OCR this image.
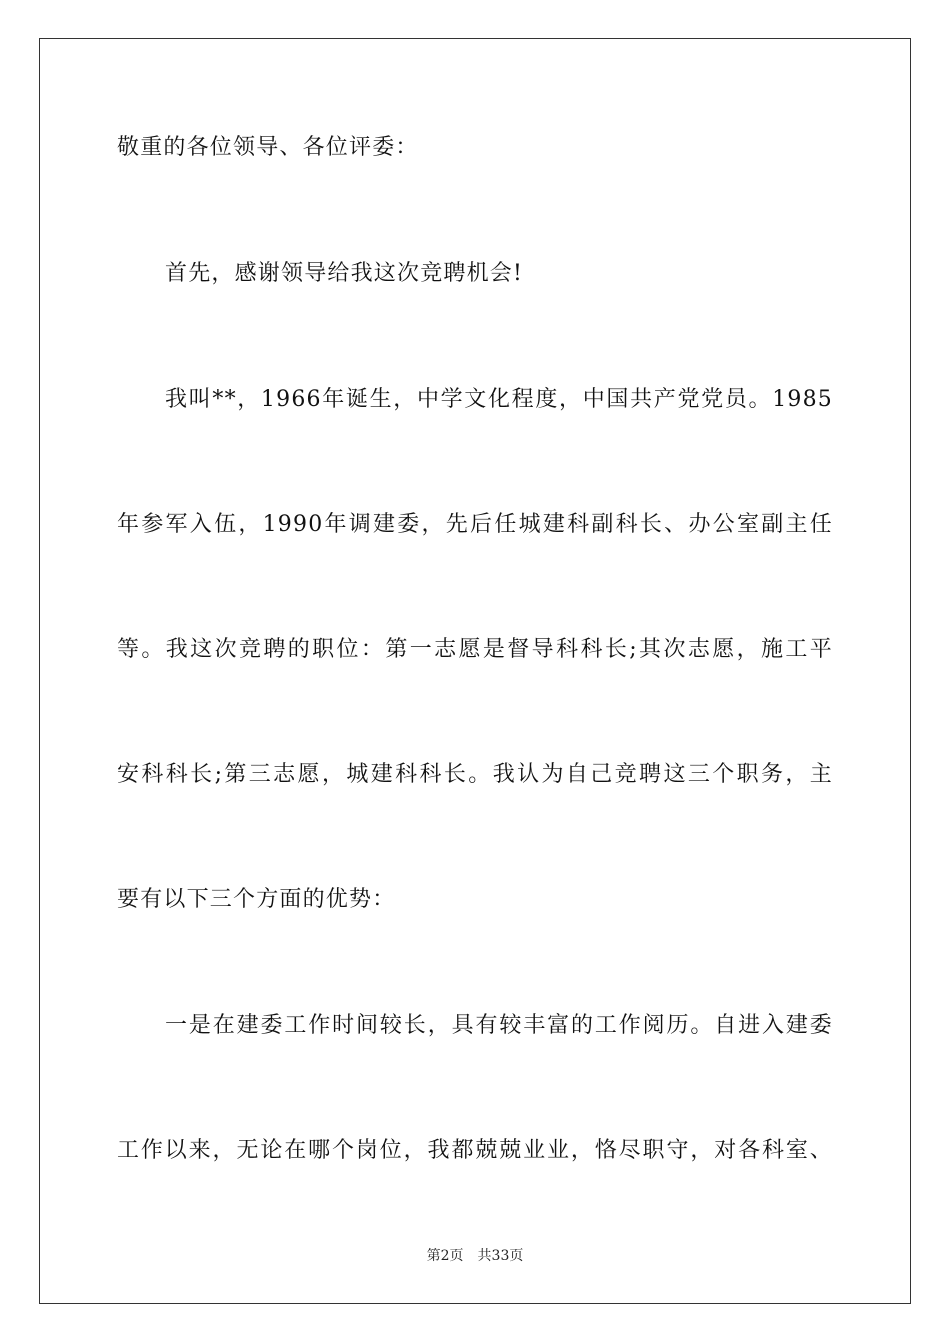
敬重的各位领导、各位评委：
首先，感谢领导给我这次竞聘机会!
我叫**，1966年诞生，中学文化程度，中国共产党党员。1985
年参军入伍，1990年调建委，先后任城建科副科长、办公室副主任
等。我这次竞聘的职位：第一志愿是督导科科长;其次志愿，施工平
安科科长;第三志愿，城建科科长。我认为自己竞聘这三个职务，主
要有以下三个方面的优势：
一是在建委工作时间较长，具有较丰富的工作阅历。自进入建委
工作以来，无论在哪个岗位，我都兢兢业业，恪尽职守，对各科室、
第2页 共33页
